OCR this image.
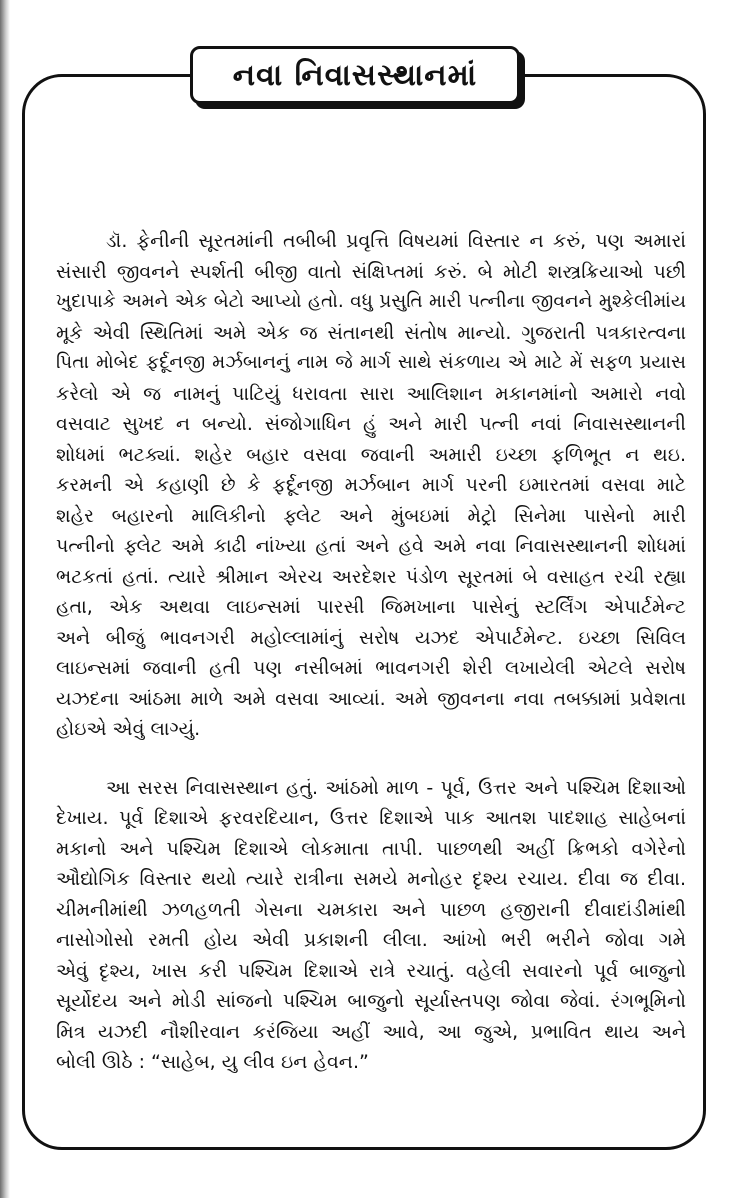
નવા નિવાસસ્થાનમાં
ડૉ. ફેનીની સૂરતમાંની તબીબી પ્રવૃત્તિ વિષયમાં વિસ્તાર ન કરું, પણ અમારાં
સંસારી જીવનને સ્પર્શતી બીજી વાતો સંક્ષિપ્તમાં કરું. બે મોટી શસ્ત્રક્રિયાઓ પછી
ખુદાપાકે અમને એક બેટો આપ્યો હતો. વધુ પ્રસુતિ મારી પત્નીના જીવનને મુશ્કેલીમાંય
મૂકે એવી સ્થિતિમાં અમે એક જ સંતાનથી સંતોષ માન્યો. ગુજરાતી પત્રકારત્વના
પિતા મોબેદ ફર્દૂનજી મર્ઝબાનનું નામ જે માર્ગ સાથે સંકળાય એ માટે મેં સફળ પ્રયાસ
કરેલો એ જ નામનું પાટિયું ધરાવતા સારા આલિશાન મકાનમાંનો અમારો નવો
વસવાટ સુખદ ન બન્યો. સંજોગાધિન હું અને મારી પત્ની નવાં નિવાસસ્થાનની
શોધમાં ભટક્યાં. શહેર બહાર વસવા જવાની અમારી ઇચ્છા ફળિભૂત ન થઇ.
કરમની એ કહાણી છે કે ફર્દૂનજી મર્ઝબાન માર્ગ પરની ઇમારતમાં વસવા માટે
શહેર બહારનો માલિકીનો ફ્લેટ અને મુંબઇમાં મેટ્રો સિનેમા પાસેનો મારી
પત્નીનો ફ્લેટ અમે કાઢી નાંખ્યા હતાં અને હવે અમે નવા નિવાસસ્થાનની શોધમાં
ભટકતાં હતાં. ત્યારે શ્રીમાન એરચ અરદેશર પંડોળ સૂરતમાં બે વસાહત રચી રહ્યા
હતા, એક અથવા લાઇન્સમાં પારસી જિમખાના પાસેનું સ્ટર્લિંગ એપાર્ટમેન્ટ
અને બીજું ભાવનગરી મહોલ્લામાંનું સરોષ યઝદ એપાર્ટમેન્ટ. ઇચ્છા સિવિલ
લાઇન્સમાં જવાની હતી પણ નસીબમાં ભાવનગરી શેરી લખાયેલી એટલે સરોષ
યઝદના આંઠમા માળે અમે વસવા આવ્યાં. અમે જીવનના નવા તબક્કામાં પ્રવેશતા
હોઇએ એવું લાગ્યું.
આ સરસ નિવાસસ્થાન હતું. આંઠમો માળ - પૂર્વ, ઉત્તર અને પશ્ચિમ દિશાઓ
દેખાય. પૂર્વ દિશાએ ફરવરદિયાન, ઉત્તર દિશાએ પાક આતશ પાદશાહ સાહેબનાં
મકાનો અને પશ્ચિમ દિશાએ લોકમાતા તાપી. પાછળથી અહીં ક્રિભકો વગેરેનો
ઔદ્યોગિક વિસ્તાર થયો ત્યારે રાત્રીના સમયે મનોહર દૃશ્ય રચાય. દીવા જ દીવા.
ચીમનીમાંથી ઝળહળતી ગેસના ચમકારા અને પાછળ હજીરાની દીવાદાંડીમાંથી
નાસોગોસો રમતી હોય એવી પ્રકાશની લીલા. આંખો ભરી ભરીને જોવા ગમે
એવું દૃશ્ય, ખાસ કરી પશ્ચિમ દિશાએ રાત્રે રચાતું. વહેલી સવારનો પૂર્વ બાજુનો
સૂર્યોદય અને મોડી સાંજનો પશ્ચિમ બાજુનો સૂર્યાસ્તપણ જોવા જેવાં. રંગભૂમિનો
મિત્ર યઝદી નૌશીરવાન કરંજિયા અહીં આવે, આ જુએ, પ્રભાવિત થાય અને
બોલી ઊઠે : “સાહેબ, યુ લીવ ઇન હેવન.”
